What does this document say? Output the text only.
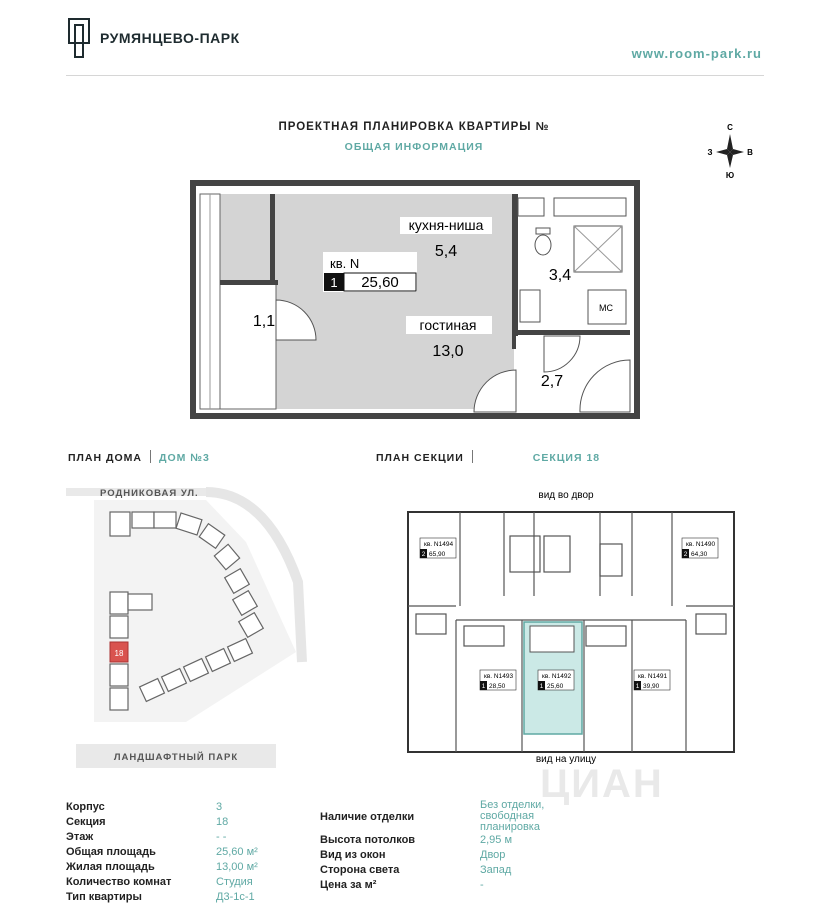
РУМЯНЦЕВО-ПАРК
www.room-park.ru
ПРОЕКТНАЯ ПЛАНИРОВКА КВАРТИРЫ №
ОБЩАЯ ИНФОРМАЦИЯ
С
Ю
З	В
кухня-ниша
5,4
гостиная
13,0
1,1
3,4
МС
2,7
кв. N
1 25,60
ПЛАН ДОМА ДОМ №3	ПЛАН СЕКЦИИ	СЕКЦИЯ 18
РОДНИКОВАЯ УЛ.
18
ЛАНДШАФТНЫЙ ПАРК
вид во двор
кв. N1494
2 65,90
кв. N1490
2 64,30
кв. N1493
1 28,50
кв. N1492
1 25,60
кв. N1491
1 39,90
вид на улицу
ЦИАН
Корпус	3
Секция	18
Этаж	- -
Общая площадь	25,60 м²
Жилая площадь	13,00 м²
Количество комнат	Студия
Тип квартиры	Д3-1с-1
Наличие отделки
Без отделки,
свободная
планировка
Высота потолков	2,95 м
Вид из окон	Двор
Сторона света	Запад
Цена за м²	-
